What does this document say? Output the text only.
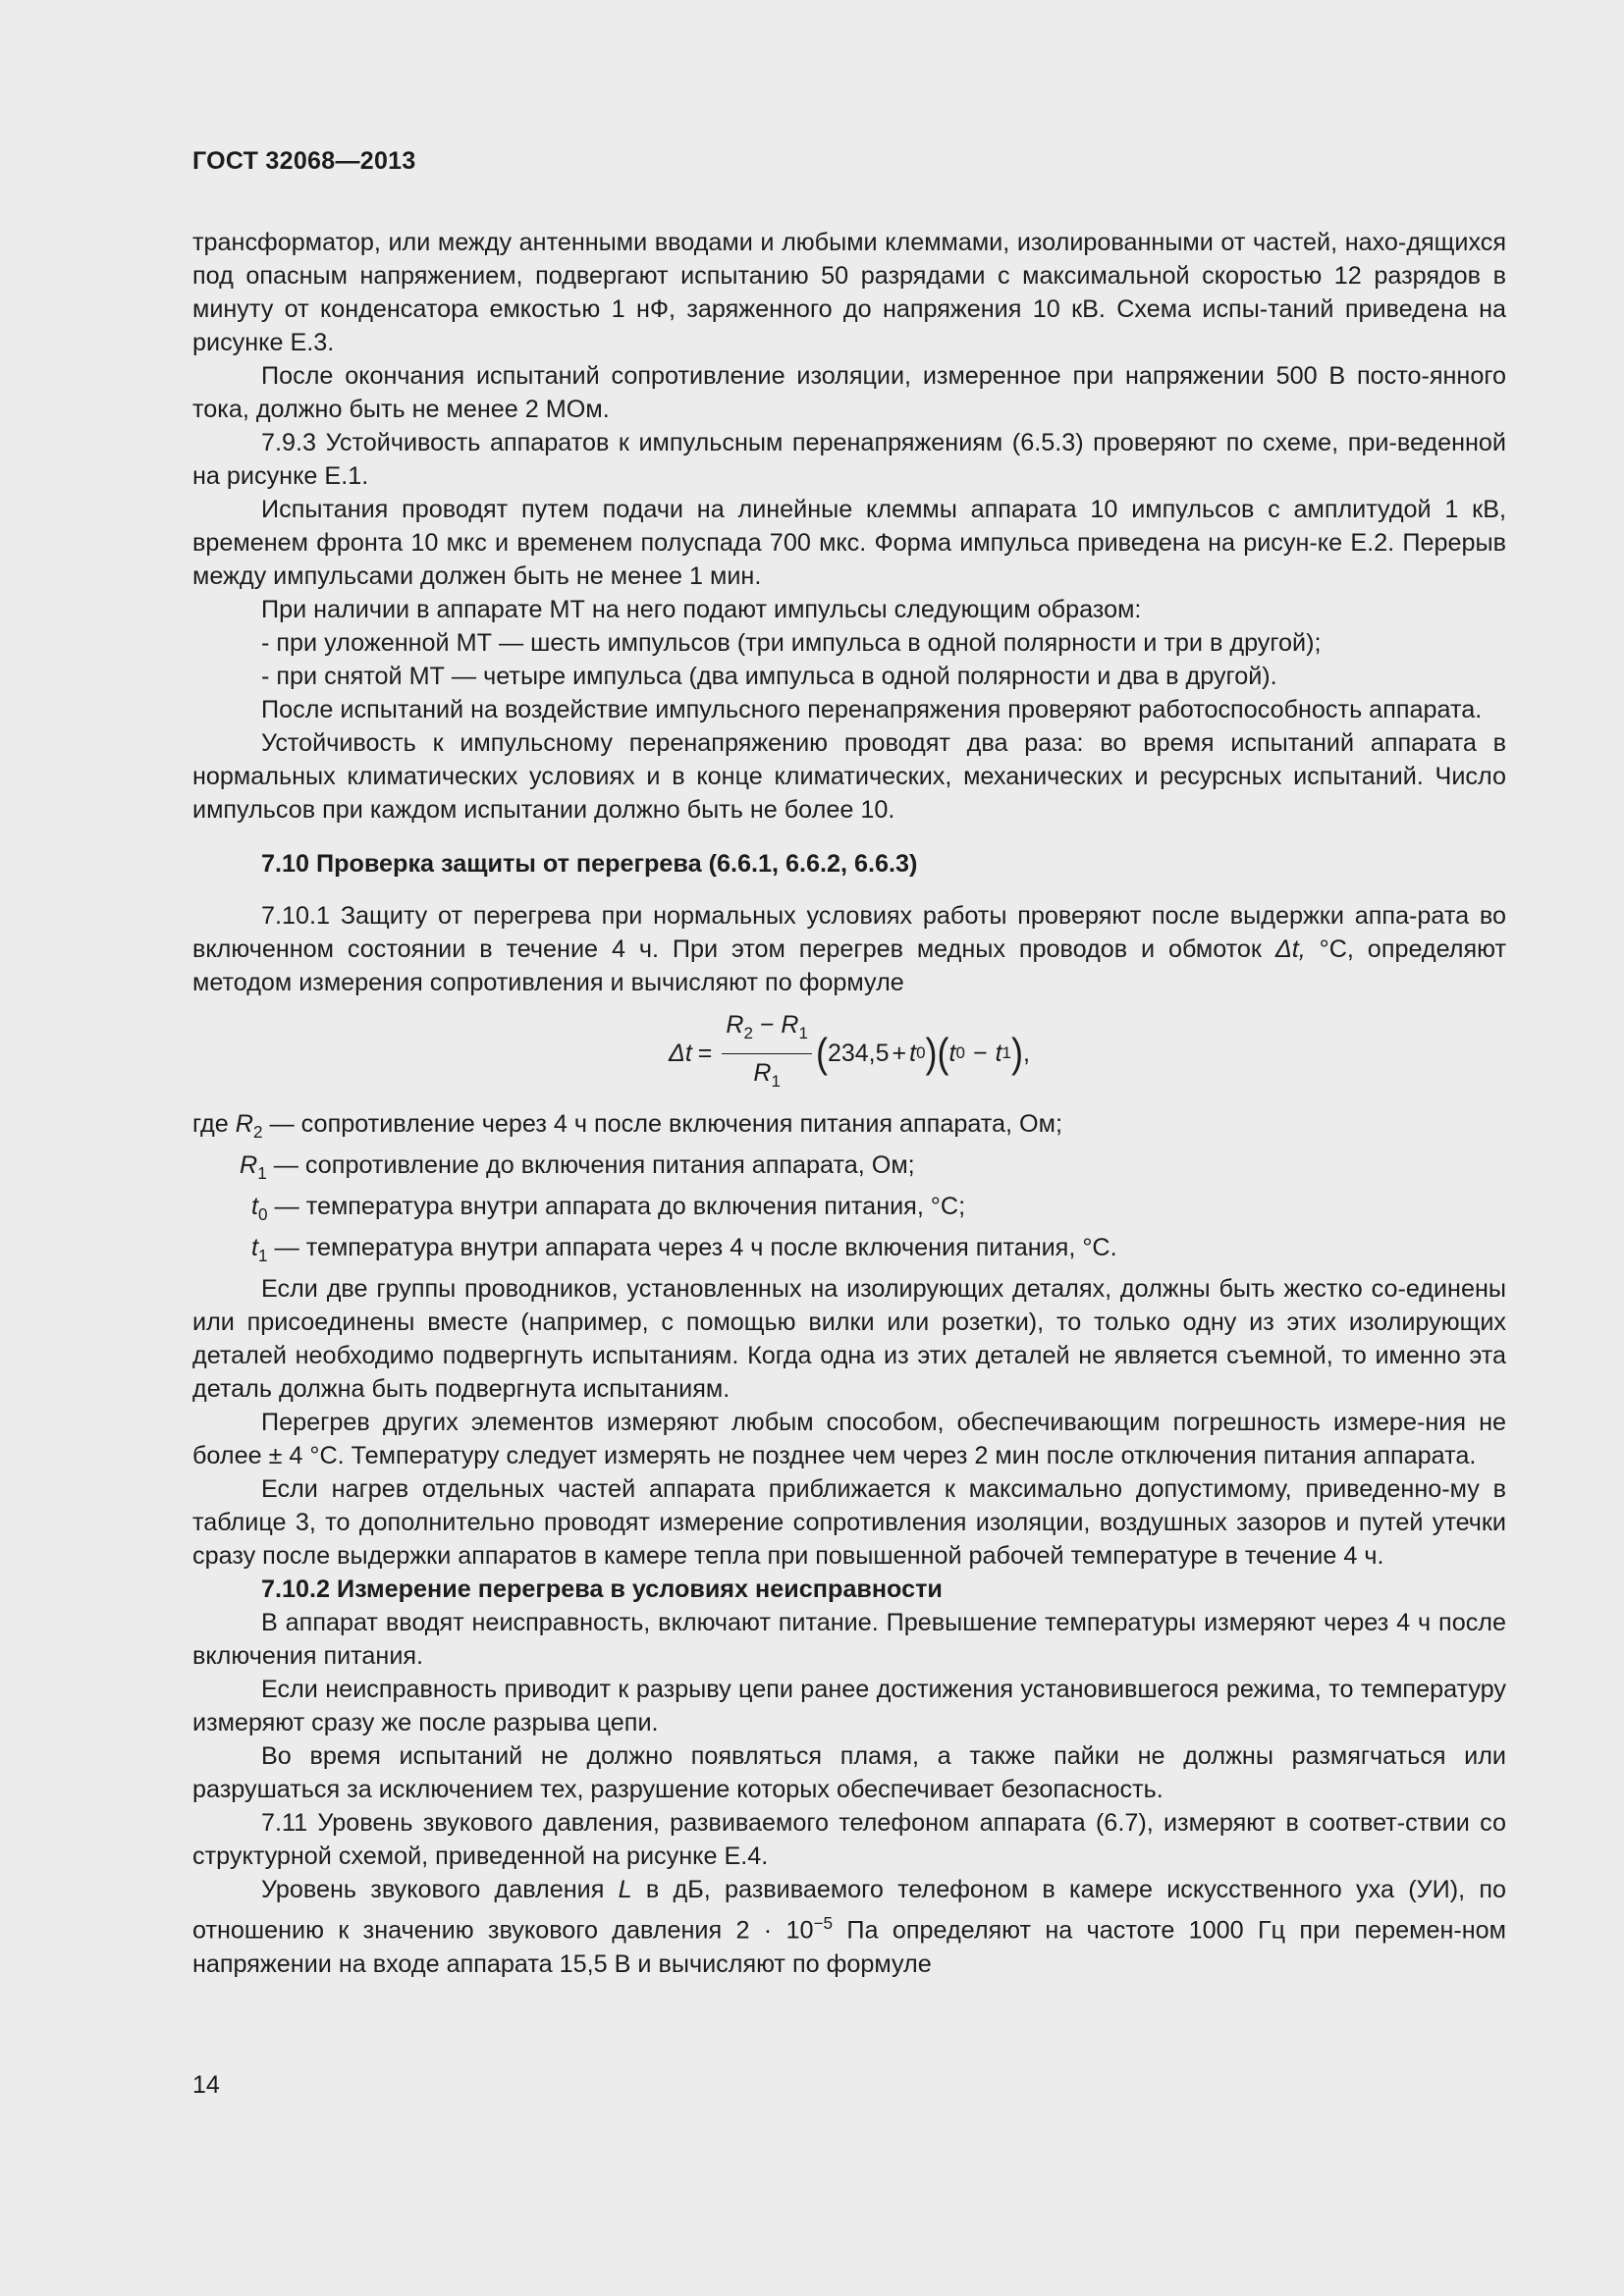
ГОСТ 32068—2013

трансформатор, или между антенными вводами и любыми клеммами, изолированными от частей, нахо-дящихся под опасным напряжением, подвергают испытанию 50 разрядами с максимальной скоростью 12 разрядов в минуту от конденсатора емкостью 1 нФ, заряженного до напряжения 10 кВ. Схема испы-таний приведена на рисунке Е.3.

После окончания испытаний сопротивление изоляции, измеренное при напряжении 500 В посто-янного тока, должно быть не менее 2 МОм.

7.9.3 Устойчивость аппаратов к импульсным перенапряжениям (6.5.3) проверяют по схеме, при-веденной на рисунке Е.1.

Испытания проводят путем подачи на линейные клеммы аппарата 10 импульсов с амплитудой 1 кВ, временем фронта 10 мкс и временем полуспада 700 мкс. Форма импульса приведена на рисун-ке Е.2. Перерыв между импульсами должен быть не менее 1 мин.

При наличии в аппарате МТ на него подают импульсы следующим образом:

- при уложенной МТ — шесть импульсов (три импульса в одной полярности и три в другой);

- при снятой МТ — четыре импульса (два импульса в одной полярности и два в другой).

После испытаний на воздействие импульсного перенапряжения проверяют работоспособность аппарата.

Устойчивость к импульсному перенапряжению проводят два раза: во время испытаний аппарата в нормальных климатических условиях и в конце климатических, механических и ресурсных испытаний. Число импульсов при каждом испытании должно быть не более 10.

7.10 Проверка защиты от перегрева (6.6.1, 6.6.2, 6.6.3)

7.10.1 Защиту от перегрева при нормальных условиях работы проверяют после выдержки аппа-рата во включенном состоянии в течение 4 ч. При этом перегрев медных проводов и обмоток Δt, °С, определяют методом измерения сопротивления и вычисляют по формуле

$\Delta t = \frac{R_2 - R_1}{R_1}$ ( 234,5 + t 0 ) ( t 0 − t 1 ) ,
где $R_2$ — сопротивление через 4 ч после включения питания аппарата, Ом;
$R_1$ — сопротивление до включения питания аппарата, Ом;
$t_0$ — температура внутри аппарата до включения питания, °С;
$t_1$ — температура внутри аппарата через 4 ч после включения питания, °С.

Если две группы проводников, установленных на изолирующих деталях, должны быть жестко со-единены или присоединены вместе (например, с помощью вилки или розетки), то только одну из этих изолирующих деталей необходимо подвергнуть испытаниям. Когда одна из этих деталей не является съемной, то именно эта деталь должна быть подвергнута испытаниям.

Перегрев других элементов измеряют любым способом, обеспечивающим погрешность измере-ния не более ± 4 °С. Температуру следует измерять не позднее чем через 2 мин после отключения питания аппарата.

Если нагрев отдельных частей аппарата приближается к максимально допустимому, приведенно-му в таблице 3, то дополнительно проводят измерение сопротивления изоляции, воздушных зазоров и путей утечки сразу после выдержки аппаратов в камере тепла при повышенной рабочей температуре в течение 4 ч.

7.10.2 Измерение перегрева в условиях неисправности

В аппарат вводят неисправность, включают питание. Превышение температуры измеряют через 4 ч после включения питания.

Если неисправность приводит к разрыву цепи ранее достижения установившегося режима, то температуру измеряют сразу же после разрыва цепи.

Во время испытаний не должно появляться пламя, а также пайки не должны размягчаться или разрушаться за исключением тех, разрушение которых обеспечивает безопасность.

7.11 Уровень звукового давления, развиваемого телефоном аппарата (6.7), измеряют в соответ-ствии со структурной схемой, приведенной на рисунке Е.4.

Уровень звукового давления L в дБ, развиваемого телефоном в камере искусственного уха (УИ), по отношению к значению звукового давления $2 \cdot 10^{-5}$ Па определяют на частоте 1000 Гц при перемен-ном напряжении на входе аппарата 15,5 В и вычисляют по формуле

14
